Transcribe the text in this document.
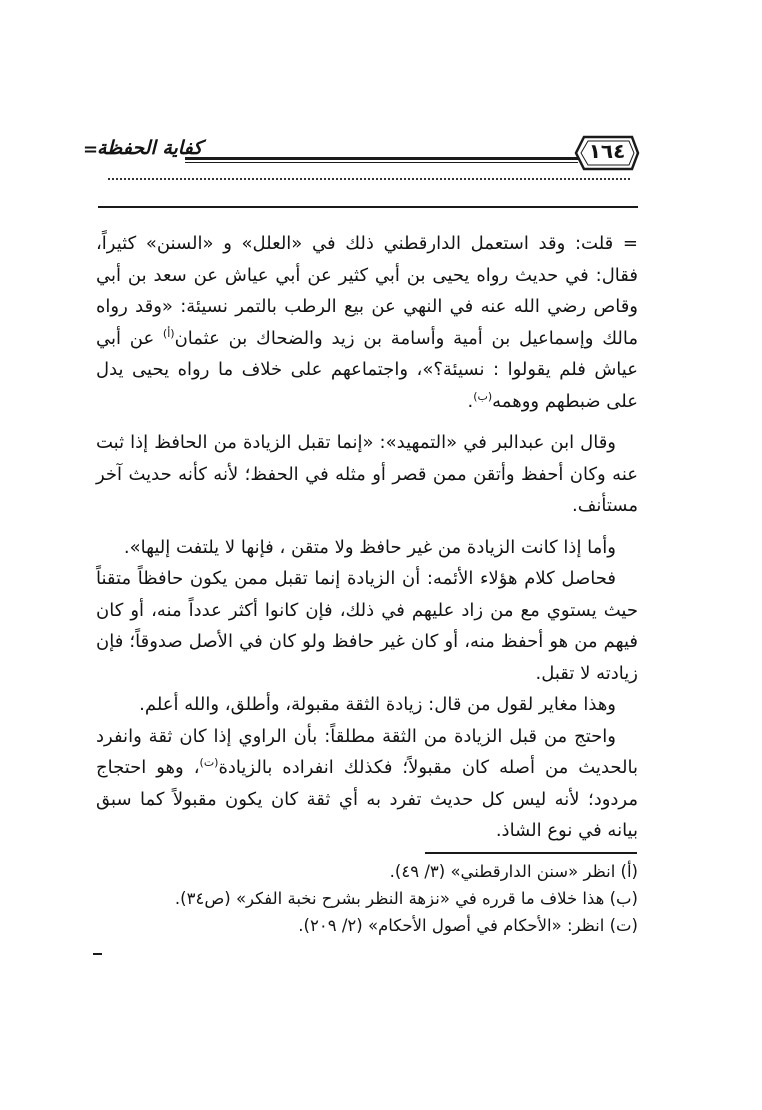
١٦٤
كفاية الحفظة
=

= قلت: وقد استعمل الدارقطني ذلك في «العلل» و «السنن» كثيراً، فقال: في حديث رواه يحيى بن أبي كثير عن أبي عياش عن سعد بن أبي وقاص رضي الله عنه في النهي عن بيع الرطب بالتمر نسيئة: «وقد رواه مالك وإسماعيل بن أمية وأسامة بن زيد والضحاك بن عثمان$^{(أ)}$ عن أبي عياش فلم يقولوا : نسيئة؟»، واجتماعهم على خلاف ما رواه يحيى يدل على ضبطهم ووهمه$^{(ب)}$.

وقال ابن عبدالبر في «التمهيد»: «إنما تقبل الزيادة من الحافظ إذا ثبت عنه وكان أحفظ وأتقن ممن قصر أو مثله في الحفظ؛ لأنه كأنه حديث آخر مستأنف.

وأما إذا كانت الزيادة من غير حافظ ولا متقن ، فإنها لا يلتفت إليها».

فحاصل كلام هؤلاء الأئمه: أن الزيادة إنما تقبل ممن يكون حافظاً متقناً حيث يستوي مع من زاد عليهم في ذلك، فإن كانوا أكثر عدداً منه، أو كان فيهم من هو أحفظ منه، أو كان غير حافظ ولو كان في الأصل صدوقاً؛ فإن زيادته لا تقبل.

وهذا مغاير لقول من قال: زيادة الثقة مقبولة، وأطلق، والله أعلم.

واحتج من قبل الزيادة من الثقة مطلقاً: بأن الراوي إذا كان ثقة وانفرد بالحديث من أصله كان مقبولاً؛ فكذلك انفراده بالزيادة$^{(ت)}$، وهو احتجاج مردود؛ لأنه ليس كل حديث تفرد به أي ثقة كان يكون مقبولاً كما سبق بيانه في نوع الشاذ.

(أ) انظر «سنن الدارقطني» (٣/ ٤٩).

(ب) هذا خلاف ما قرره في «نزهة النظر بشرح نخبة الفكر» (ص٣٤).

(ت) انظر: «الأحكام في أصول الأحكام» (٢/ ٢٠٩).
